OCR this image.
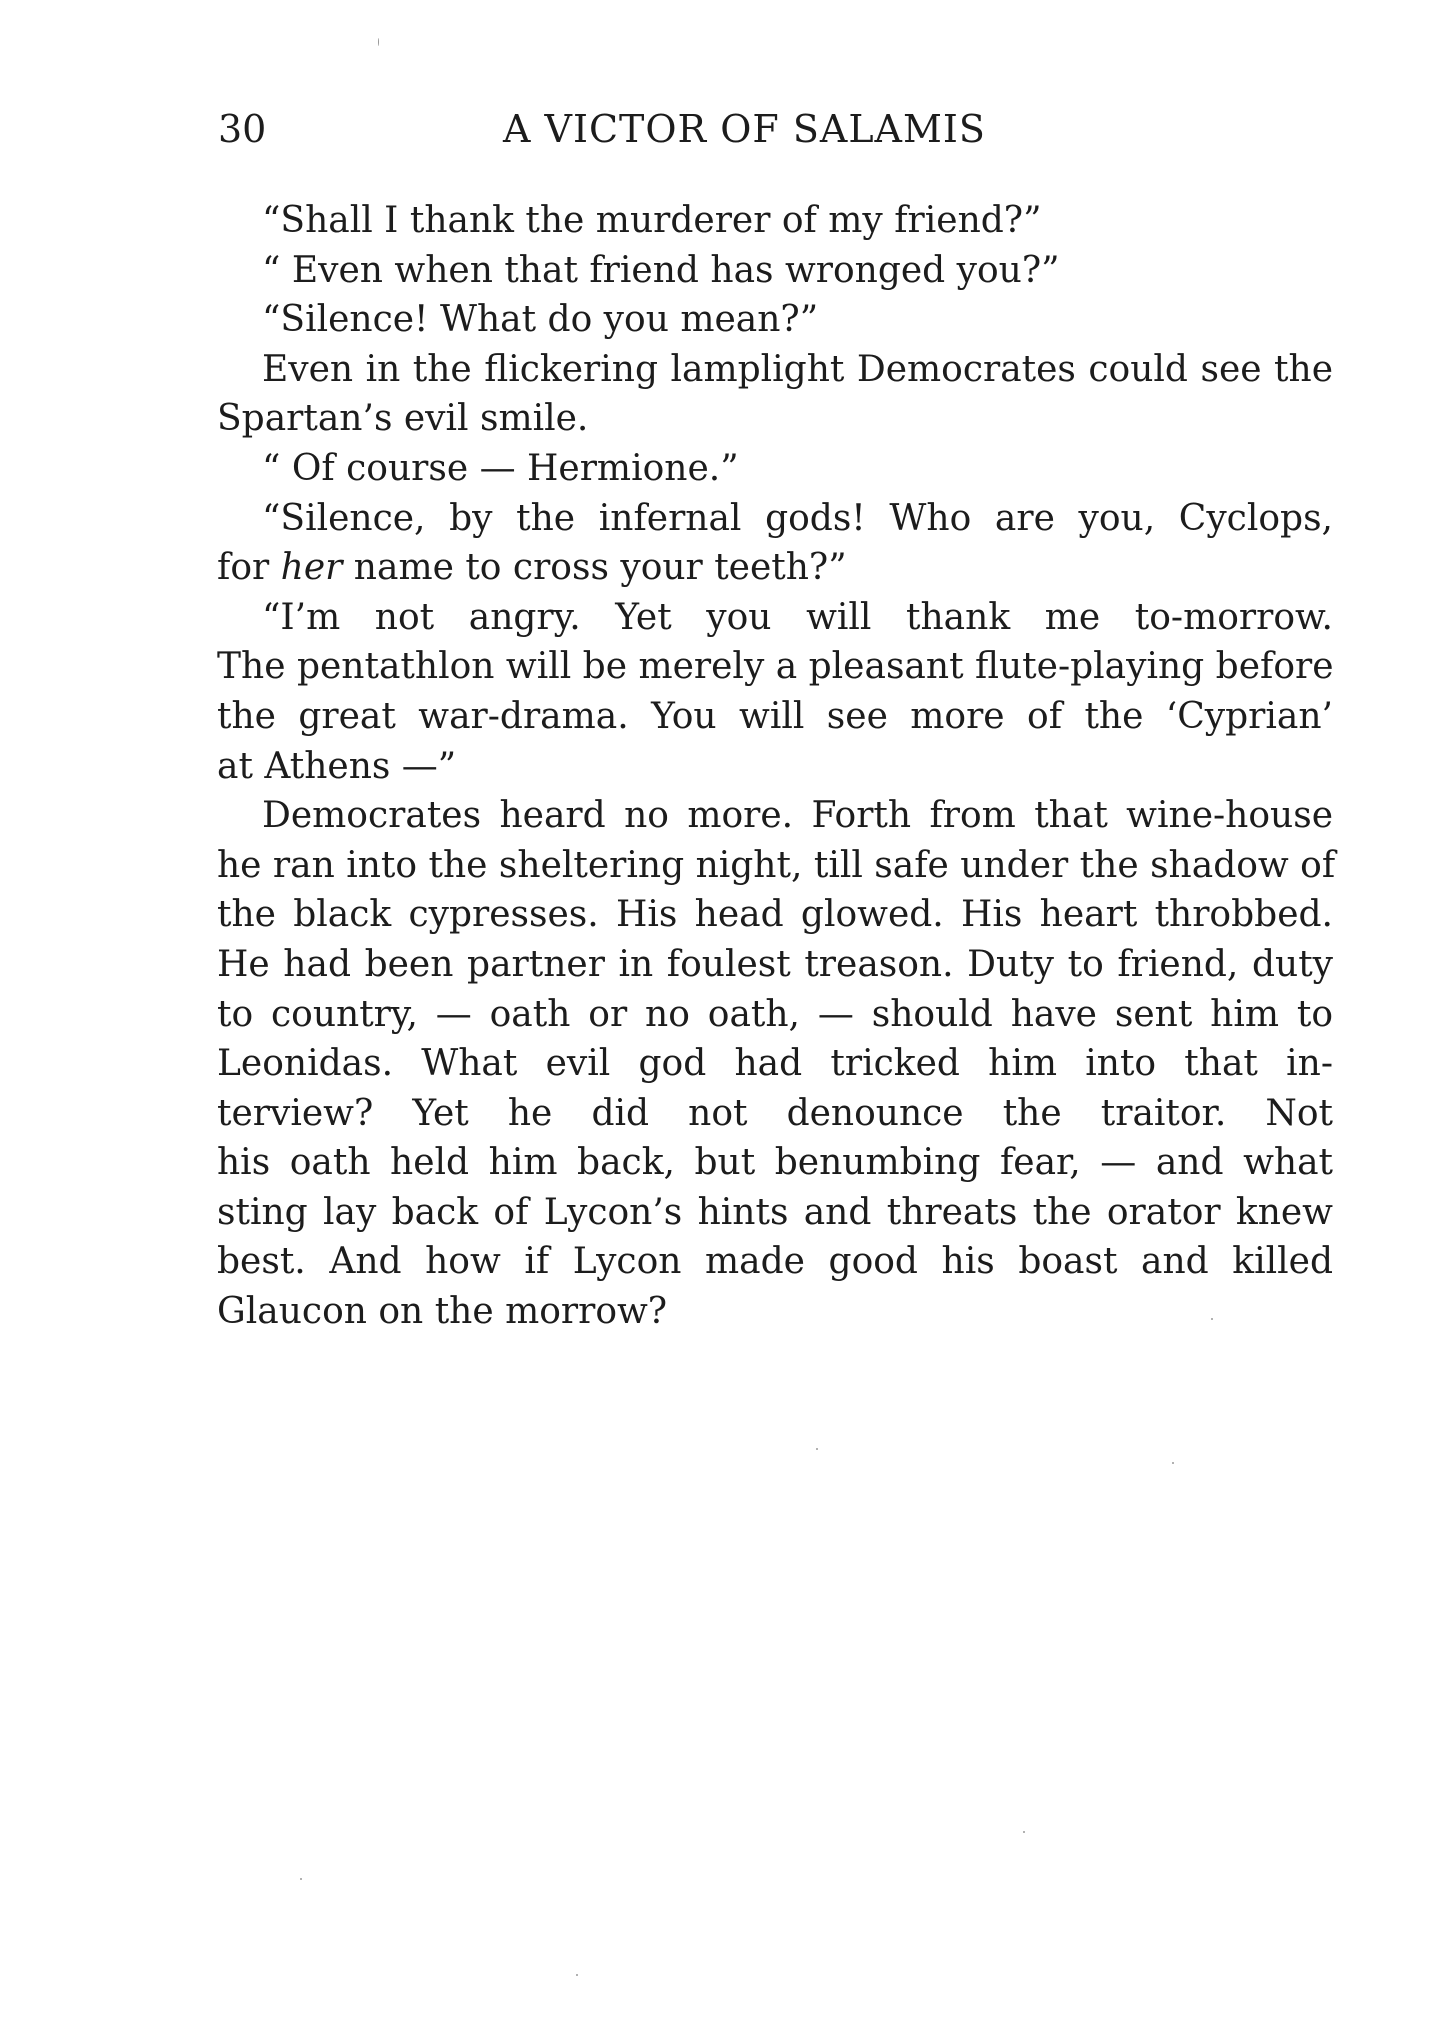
30	A VICTOR OF SALAMIS
“Shall I thank the murderer of my friend?”
“ Even when that friend has wronged you?”
“Silence! What do you mean?”
Even in the flickering lamplight Democrates could see the
Spartan’s evil smile.
“ Of course — Hermione.”
“Silence, by the infernal gods! Who are you, Cyclops,
for her name to cross your teeth?”
“I’m not angry. Yet you will thank me to-morrow.
The pentathlon will be merely a pleasant flute-playing before
the great war-drama. You will see more of the ‘Cyprian’
at Athens —”
Democrates heard no more. Forth from that wine-house
he ran into the sheltering night, till safe under the shadow of
the black cypresses. His head glowed. His heart throbbed.
He had been partner in foulest treason. Duty to friend, duty
to country, — oath or no oath, — should have sent him to
Leonidas. What evil god had tricked him into that in-
terview? Yet he did not denounce the traitor. Not
his oath held him back, but benumbing fear, — and what
sting lay back of Lycon’s hints and threats the orator knew
best. And how if Lycon made good his boast and killed
Glaucon on the morrow?
